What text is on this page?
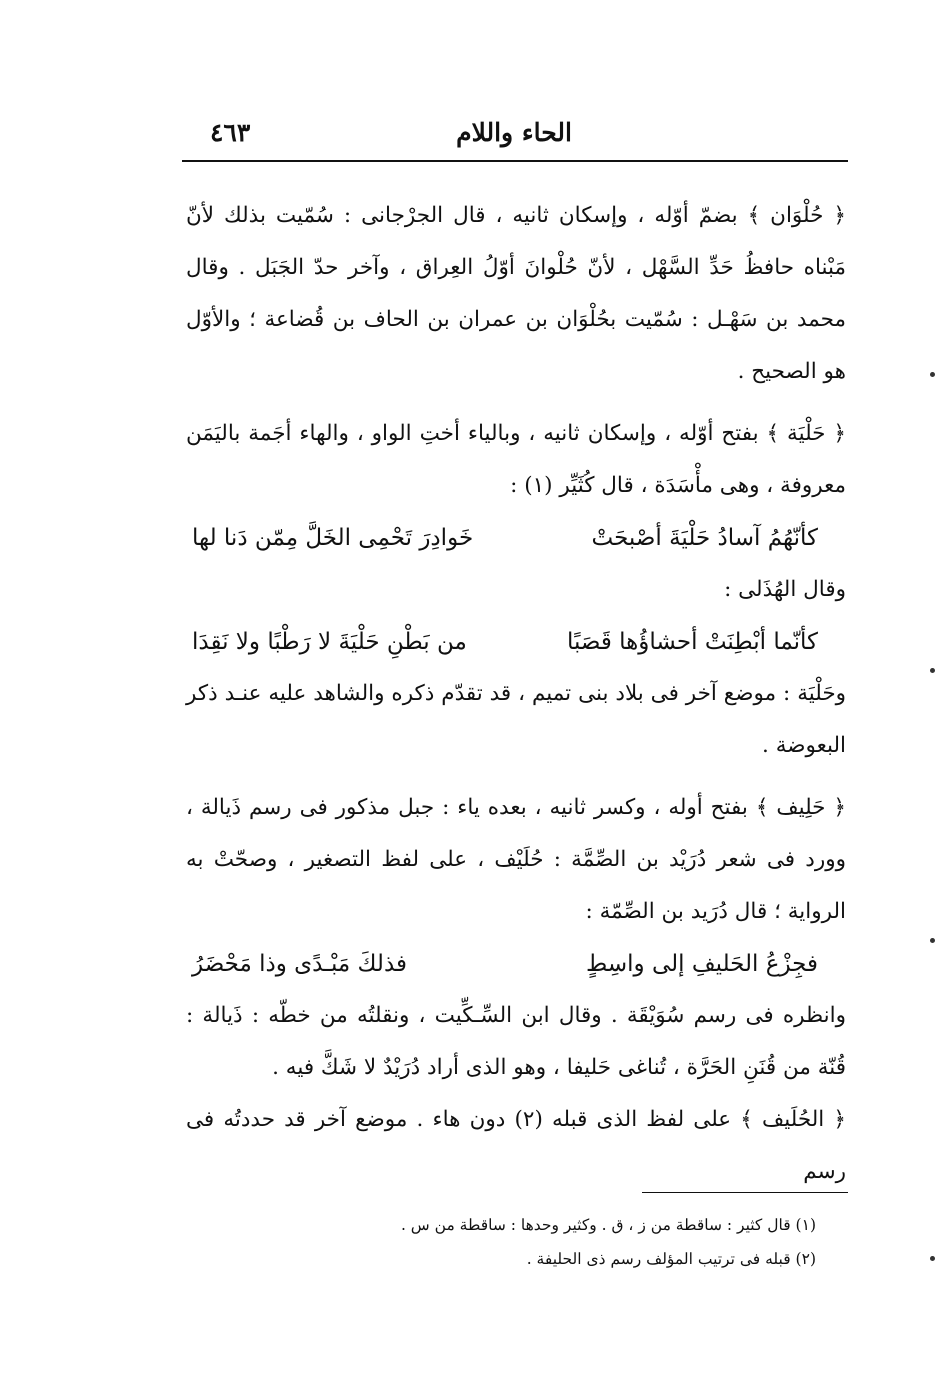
٤٦٣	الحاء واللام

﴿ حُلْوَان ﴾ بضمّ أوّله ، وإسكان ثانيه ، قال الجرْجانى : سُمّيت بذلك لأنّ مَبْناه حافظُ حَدِّ السَّهْل ، لأنّ حُلْوانَ أوّلُ العِراق ، وآخر حدّ الجَبَل . وقال محمد بن سَهْـل : سُمّيت بحُلْوَان بن عمران بن الحاف بن قُضاعة ؛ والأوّل هو الصحيح .

﴿ حَلْيَة ﴾ بفتح أوّله ، وإسكان ثانيه ، وبالياء أختِ الواو ، والهاء أجَمة باليَمَن معروفة ، وهى مأْسَدَة ، قال كُثَيِّر (١) :

كأنّهُمُ آسادُ حَلْيَةَ أصْبحَتْ
خَوادِرَ تَحْمِى الخَلَّ مِمّن دَنا لها

وقال الهُذَلى :

كأنّما أبْطِنَتْ أحشاؤُها قَصَبًا
من بَطْنِ حَلْيَةَ لا رَطْبًا ولا نَقِدَا

وحَلْيَة : موضع آخر فى بلاد بنى تميم ، قد تقدّم ذكره والشاهد عليه عنـد ذكر البعوضة .

﴿ حَلِيف ﴾ بفتح أوله ، وكسر ثانيه ، بعده ياء : جبل مذكور فى رسم ذَيالة ، وورد فى شعر دُرَيْد بن الصِّمَّة : حُلَيْف ، على لفظ التصغير ، وصحّتْ به الرواية ؛ قال دُرَيد بن الصِّمّة :

فجِزْعُ الحَليفِ إلى واسِطٍ
فذلكَ مَبْـدًى وذا مَحْضَرُ

وانظره فى رسم سُوَيْقَة . وقال ابن السِّـكِّيت ، ونقلتُه من خطّه : ذَيالة : قُنّة من قُنَنِ الحَرَّة ، تُناغى حَليفا ، وهو الذى أراد دُرَيْدٌ لا شَكَّ فيه .

﴿ الحُلَيف ﴾ على لفظ الذى قبله (٢) دون هاء . موضع آخر قد حددتُه فى رسم

(١) قال كثير : ساقطة من ز ، ق . وكثير وحدها : ساقطة من س .

(٢) قبله فى ترتيب المؤلف رسم ذى الحليفة .
